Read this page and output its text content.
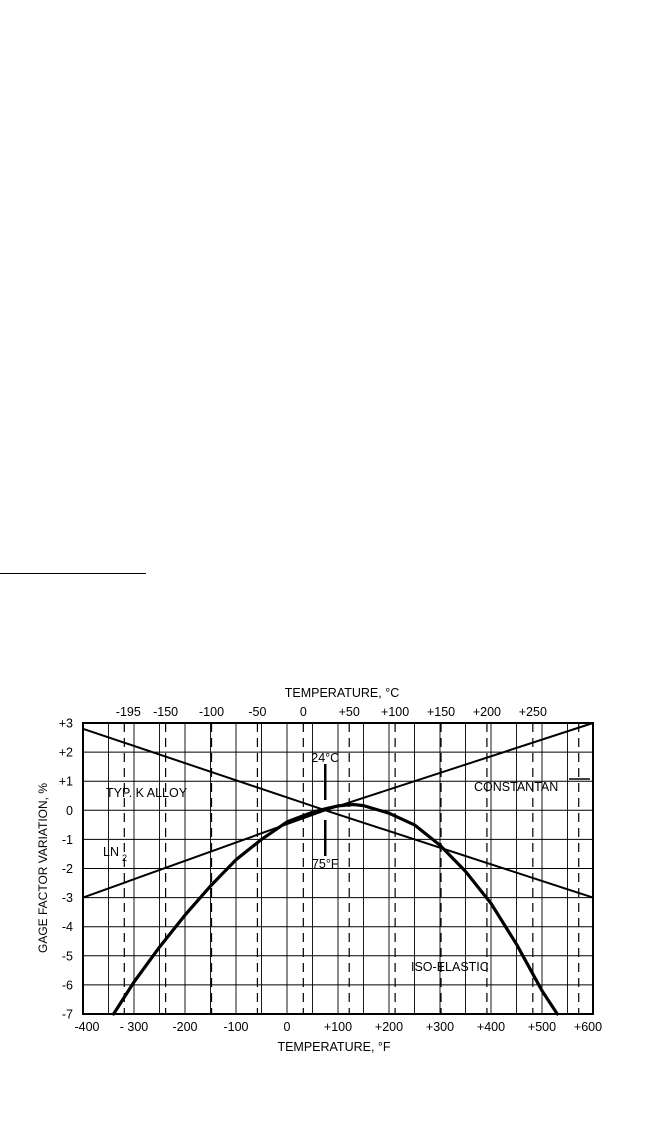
+3
+2
+1
0
-1
-2
-3
-4
-5
-6
-7
-400 - 300 -200 -100	0	+100 +200 +300 +400 +500 +600
-195 -150 -100 -50	0	+50 +100 +150 +200 +250
TEMPERATURE, °C
TEMPERATURE, °F
GAGE FACTOR VARIATION, %	TYP. K ALLOY	CONSTANTAN
ISO-ELASTIC
LN 2
24°C
75°F
